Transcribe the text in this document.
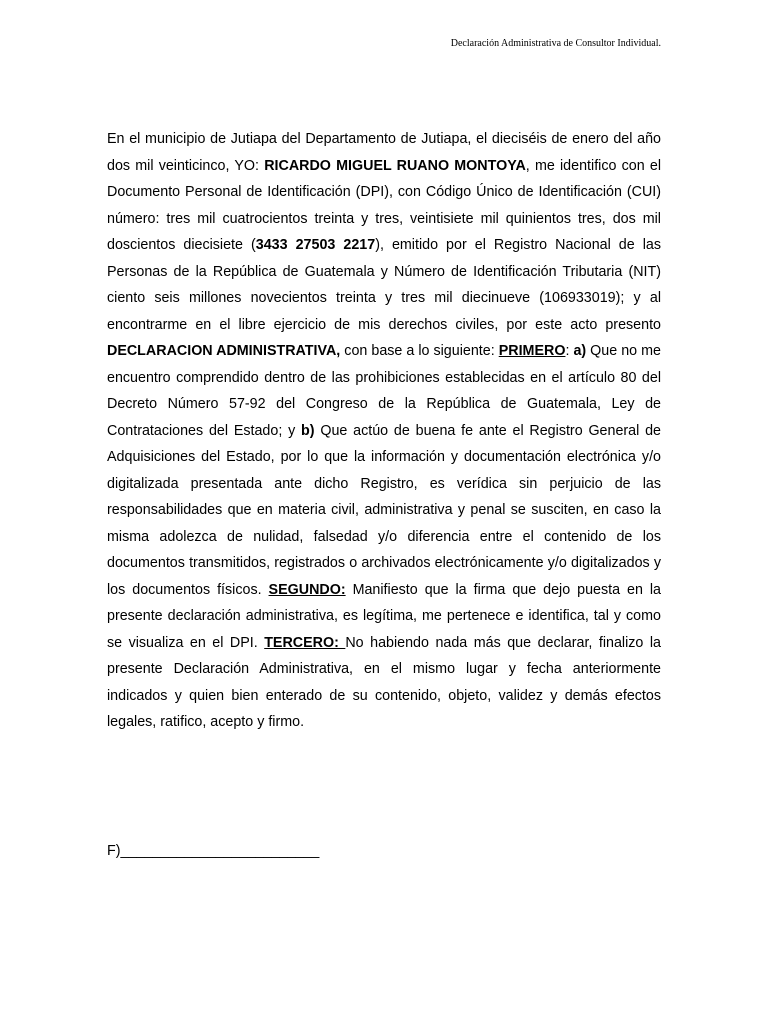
Declaración Administrativa de Consultor Individual.

En el municipio de Jutiapa del Departamento de Jutiapa, el dieciséis de enero del año dos mil veinticinco, YO: RICARDO MIGUEL RUANO MONTOYA, me identifico con el Documento Personal de Identificación (DPI), con Código Único de Identificación (CUI) número: tres mil cuatrocientos treinta y tres, veintisiete mil quinientos tres, dos mil doscientos diecisiete (3433 27503 2217), emitido por el Registro Nacional de las Personas de la República de Guatemala y Número de Identificación Tributaria (NIT) ciento seis millones novecientos treinta y tres mil diecinueve (106933019); y al encontrarme en el libre ejercicio de mis derechos civiles, por este acto presento DECLARACION ADMINISTRATIVA, con base a lo siguiente: PRIMERO: a) Que no me encuentro comprendido dentro de las prohibiciones establecidas en el artículo 80 del Decreto Número 57-92 del Congreso de la República de Guatemala, Ley de Contrataciones del Estado; y b) Que actúo de buena fe ante el Registro General de Adquisiciones del Estado, por lo que la información y documentación electrónica y/o digitalizada presentada ante dicho Registro, es verídica sin perjuicio de las responsabilidades que en materia civil, administrativa y penal se susciten, en caso la misma adolezca de nulidad, falsedad y/o diferencia entre el contenido de los documentos transmitidos, registrados o archivados electrónicamente y/o digitalizados y los documentos físicos. SEGUNDO: Manifiesto que la firma que dejo puesta en la presente declaración administrativa, es legítima, me pertenece e identifica, tal y como se visualiza en el DPI. TERCERO: No habiendo nada más que declarar, finalizo la presente Declaración Administrativa, en el mismo lugar y fecha anteriormente indicados y quien bien enterado de su contenido, objeto, validez y demás efectos legales, ratifico, acepto y firmo.

F)_________________________
